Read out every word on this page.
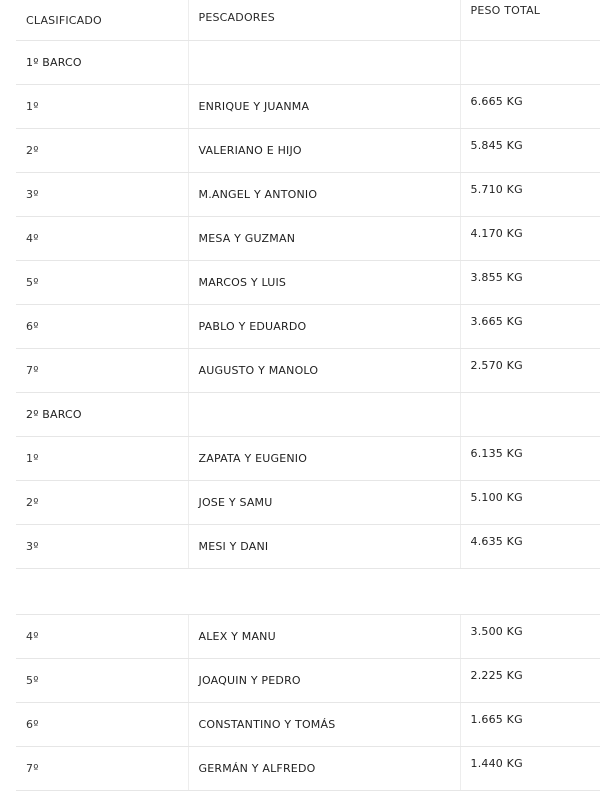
CLASIFICADO	PESCADORES	PESO TOTAL
1º BARCO		
1º	ENRIQUE Y JUANMA	6.665 KG
2º	VALERIANO E HIJO	5.845 KG
3º	M.ANGEL Y ANTONIO	5.710 KG
4º	MESA Y GUZMAN	4.170 KG
5º	MARCOS Y LUIS	3.855 KG
6º	PABLO Y EDUARDO	3.665 KG
7º	AUGUSTO Y MANOLO	2.570 KG
2º BARCO		
1º	ZAPATA Y EUGENIO	6.135 KG
2º	JOSE Y SAMU	5.100 KG
3º	MESI Y DANI	4.635 KG

4º	ALEX Y MANU	3.500 KG
5º	JOAQUIN Y PEDRO	2.225 KG
6º	CONSTANTINO Y TOMÁS	1.665 KG
7º	GERMÁN Y ALFREDO	1.440 KG
